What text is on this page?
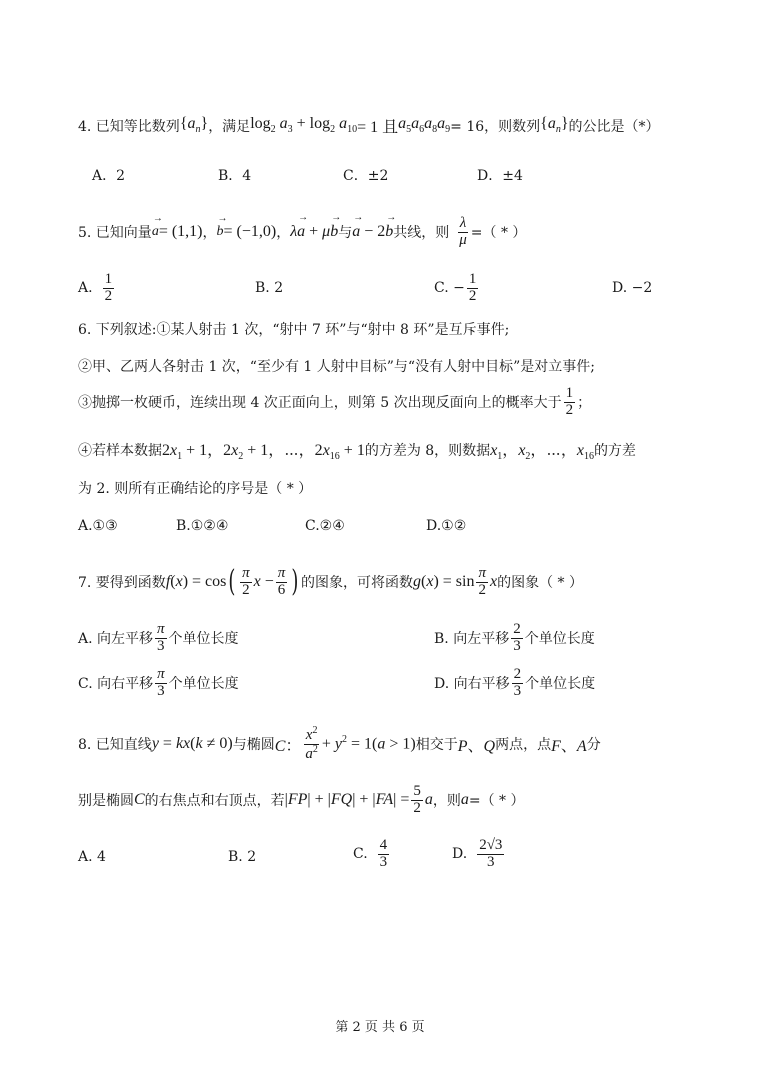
4. 已知等比数列 $\{a_n\}$ ，满足 $\log_2 a_3 + \log_2 a_{10} = 1$ 且 $a_5a_6a_8a_9 = 16$，则数列 $\{a_n\}$ 的公比是（*）
A．2	B．4	C．±2	D．±4
5. 已知向量 → a = (1,1) ， → b = (−1,0) ， λ→ a + μ→ b 与 → a − 2→ b 共线，则 $\frac{\lambda}{\mu}$ =（ * ）
A. $\frac{1}{2}$	B. 2	C. − $\frac{1}{2}$	D. −2
6. 下列叙述:①某人射击 1 次，“射中 7 环”与“射中 8 环”是互斥事件;
②甲、乙两人各射击 1 次，“至少有 1 人射中目标”与“没有人射中目标”是对立事件;
③抛掷一枚硬币，连续出现 4 次正面向上，则第 5 次出现反面向上的概率大于 $\frac{1}{2}$ ；
④若样本数据 $2x_1 + 1$，$2x_2 + 1$，⋯，$2x_{16} + 1$ 的方差为 8，则数据 $x_1$，$x_2$，⋯，$x_{16}$ 的方差
为 2. 则所有正确结论的序号是（ * ）
A.①③	B.①②④	C.②④	D.①②
7. 要得到函数 f(x) = cos ( $\frac{\pi}{2}$ $x - \frac{\pi}{6}$ ) 的图象，可将函数 $g(x) = \sin \frac{\pi}{2}$ x 的图象（ * ）
A. 向左平移 $\frac{\pi}{3}$ 个单位长度	B. 向左平移 $\frac{2}{3}$ 个单位长度
C. 向右平移 $\frac{\pi}{3}$ 个单位长度	D. 向右平移 $\frac{2}{3}$ 个单位长度
8. 已知直线 y = kx(k ≠ 0) 与椭圆 C： $\frac{x^2}{a^2} + y^2 = 1(a > 1)$ 相交于 P、Q 两点，点 F、A 分
别是椭圆 C 的右焦点和右顶点，若 $|FP| + |FQ| + |FA| = \frac{5}{2}$ a ，则 a =（ * ）
A. 4	B. 2	C. $\frac{4}{3}$	D. $\frac{2√3}{3}$
第 2 页 共 6 页
